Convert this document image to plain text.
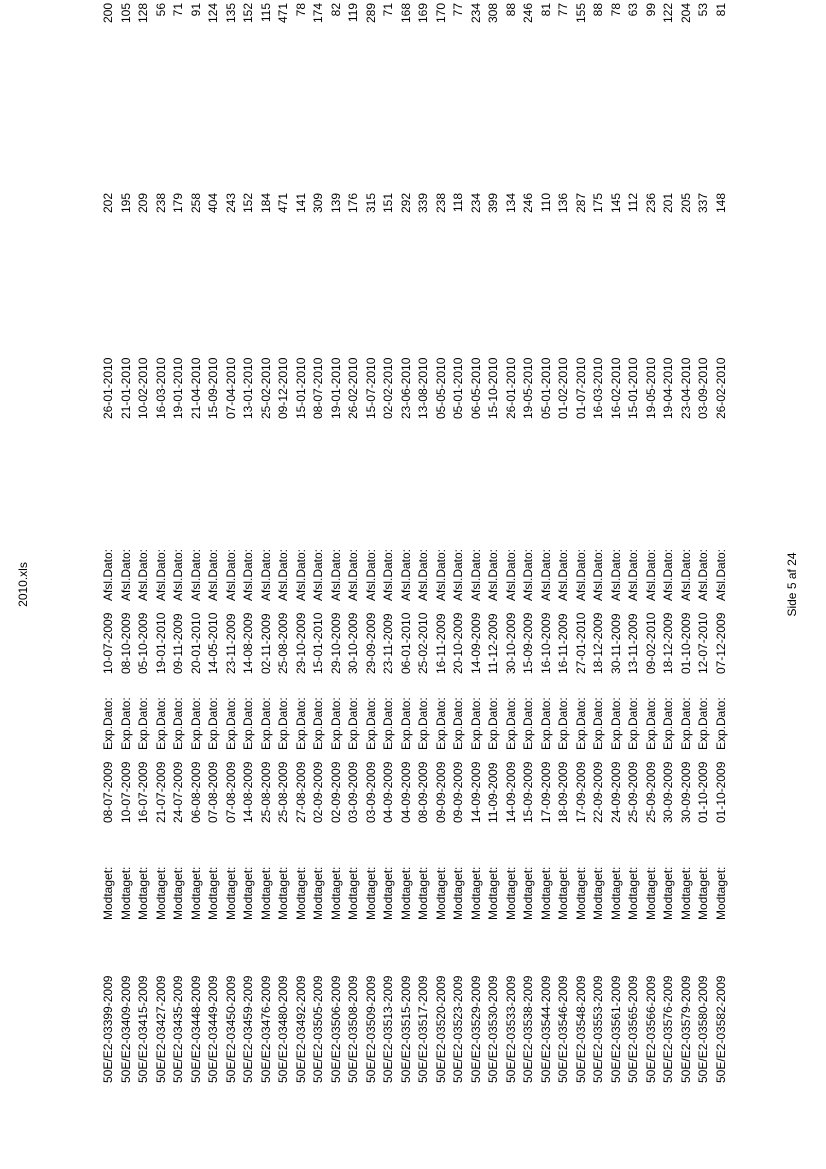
2010.xls
50E/E2-03399-2009
Modtaget:
08-07-2009
Exp.Dato:
10-07-2009
Afsl.Dato:
26-01-2010
202
200
50E/E2-03409-2009
Modtaget:
10-07-2009
Exp.Dato:
08-10-2009
Afsl.Dato:
21-01-2010
195
105
50E/E2-03415-2009
Modtaget:
16-07-2009
Exp.Dato:
05-10-2009
Afsl.Dato:
10-02-2010
209
128
50E/E2-03427-2009
Modtaget:
21-07-2009
Exp.Dato:
19-01-2010
Afsl.Dato:
16-03-2010
238
56
50E/E2-03435-2009
Modtaget:
24-07-2009
Exp.Dato:
09-11-2009
Afsl.Dato:
19-01-2010
179
71
50E/E2-03448-2009
Modtaget:
06-08-2009
Exp.Dato:
20-01-2010
Afsl.Dato:
21-04-2010
258
91
50E/E2-03449-2009
Modtaget:
07-08-2009
Exp.Dato:
14-05-2010
Afsl.Dato:
15-09-2010
404
124
50E/E2-03450-2009
Modtaget:
07-08-2009
Exp.Dato:
23-11-2009
Afsl.Dato:
07-04-2010
243
135
50E/E2-03459-2009
Modtaget:
14-08-2009
Exp.Dato:
14-08-2009
Afsl.Dato:
13-01-2010
152
152
50E/E2-03476-2009
Modtaget:
25-08-2009
Exp.Dato:
02-11-2009
Afsl.Dato:
25-02-2010
184
115
50E/E2-03480-2009
Modtaget:
25-08-2009
Exp.Dato:
25-08-2009
Afsl.Dato:
09-12-2010
471
471
50E/E2-03492-2009
Modtaget:
27-08-2009
Exp.Dato:
29-10-2009
Afsl.Dato:
15-01-2010
141
78
50E/E2-03505-2009
Modtaget:
02-09-2009
Exp.Dato:
15-01-2010
Afsl.Dato:
08-07-2010
309
174
50E/E2-03506-2009
Modtaget:
02-09-2009
Exp.Dato:
29-10-2009
Afsl.Dato:
19-01-2010
139
82
50E/E2-03508-2009
Modtaget:
03-09-2009
Exp.Dato:
30-10-2009
Afsl.Dato:
26-02-2010
176
119
50E/E2-03509-2009
Modtaget:
03-09-2009
Exp.Dato:
29-09-2009
Afsl.Dato:
15-07-2010
315
289
50E/E2-03513-2009
Modtaget:
04-09-2009
Exp.Dato:
23-11-2009
Afsl.Dato:
02-02-2010
151
71
50E/E2-03515-2009
Modtaget:
04-09-2009
Exp.Dato:
06-01-2010
Afsl.Dato:
23-06-2010
292
168
50E/E2-03517-2009
Modtaget:
08-09-2009
Exp.Dato:
25-02-2010
Afsl.Dato:
13-08-2010
339
169
50E/E2-03520-2009
Modtaget:
09-09-2009
Exp.Dato:
16-11-2009
Afsl.Dato:
05-05-2010
238
170
50E/E2-03523-2009
Modtaget:
09-09-2009
Exp.Dato:
20-10-2009
Afsl.Dato:
05-01-2010
118
77
50E/E2-03529-2009
Modtaget:
14-09-2009
Exp.Dato:
14-09-2009
Afsl.Dato:
06-05-2010
234
234
50E/E2-03530-2009
Modtaget:
11-09-2009
Exp.Dato:
11-12-2009
Afsl.Dato:
15-10-2010
399
308
50E/E2-03533-2009
Modtaget:
14-09-2009
Exp.Dato:
30-10-2009
Afsl.Dato:
26-01-2010
134
88
50E/E2-03538-2009
Modtaget:
15-09-2009
Exp.Dato:
15-09-2009
Afsl.Dato:
19-05-2010
246
246
50E/E2-03544-2009
Modtaget:
17-09-2009
Exp.Dato:
16-10-2009
Afsl.Dato:
05-01-2010
110
81
50E/E2-03546-2009
Modtaget:
18-09-2009
Exp.Dato:
16-11-2009
Afsl.Dato:
01-02-2010
136
77
50E/E2-03548-2009
Modtaget:
17-09-2009
Exp.Dato:
27-01-2010
Afsl.Dato:
01-07-2010
287
155
50E/E2-03553-2009
Modtaget:
22-09-2009
Exp.Dato:
18-12-2009
Afsl.Dato:
16-03-2010
175
88
50E/E2-03561-2009
Modtaget:
24-09-2009
Exp.Dato:
30-11-2009
Afsl.Dato:
16-02-2010
145
78
50E/E2-03565-2009
Modtaget:
25-09-2009
Exp.Dato:
13-11-2009
Afsl.Dato:
15-01-2010
112
63
50E/E2-03566-2009
Modtaget:
25-09-2009
Exp.Dato:
09-02-2010
Afsl.Dato:
19-05-2010
236
99
50E/E2-03576-2009
Modtaget:
30-09-2009
Exp.Dato:
18-12-2009
Afsl.Dato:
19-04-2010
201
122
50E/E2-03579-2009
Modtaget:
30-09-2009
Exp.Dato:
01-10-2009
Afsl.Dato:
23-04-2010
205
204
50E/E2-03580-2009
Modtaget:
01-10-2009
Exp.Dato:
12-07-2010
Afsl.Dato:
03-09-2010
337
53
50E/E2-03582-2009
Modtaget:
01-10-2009
Exp.Dato:
07-12-2009
Afsl.Dato:
26-02-2010
148
81
Side 5 af 24
